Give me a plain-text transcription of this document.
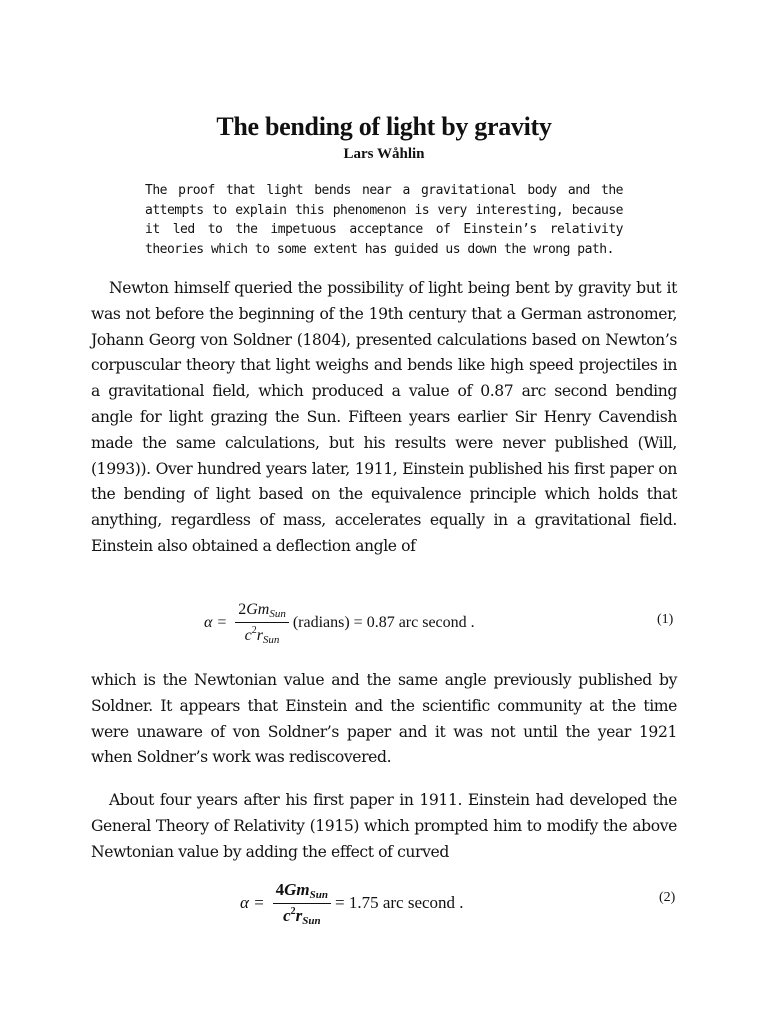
The bending of light by gravity
Lars Wåhlin
The proof that light bends near a gravitational body and the attempts to explain this phenomenon is very interesting, because it led to the impetuous acceptance of Einstein’s relativity theories which to some extent has guided us down the wrong path.

Newton himself queried the possibility of light being bent by gravity but it was not before the beginning of the 19th century that a German astronomer, Johann Georg von Soldner (1804), presented calculations based on Newton’s corpuscular theory that light weighs and bends like high speed projectiles in a gravitational field, which produced a value of 0.87 arc second bending angle for light grazing the Sun. Fifteen years earlier Sir Henry Cavendish made the same calculations, but his results were never published (Will, (1993)). Over hundred years later, 1911, Einstein published his first paper on the bending of light based on the equivalence principle which holds that anything, regardless of mass, accelerates equally in a gravitational field. Einstein also obtained a deflection angle of

$\alpha = \frac{2Gm_{Sun}}{c^2r_{Sun}}$ (radians) = 0.87 arc second .	(1)

which is the Newtonian value and the same angle previously published by Soldner. It appears that Einstein and the scientific community at the time were unaware of von Soldner’s paper and it was not until the year 1921 when Soldner’s work was rediscovered.

About four years after his first paper in 1911. Einstein had developed the General Theory of Relativity (1915) which prompted him to modify the above Newtonian value by adding the effect of curved

$\alpha = \frac{4Gm_{Sun}}{c^2r_{Sun}} = 1.75$ arc second .	(2)
